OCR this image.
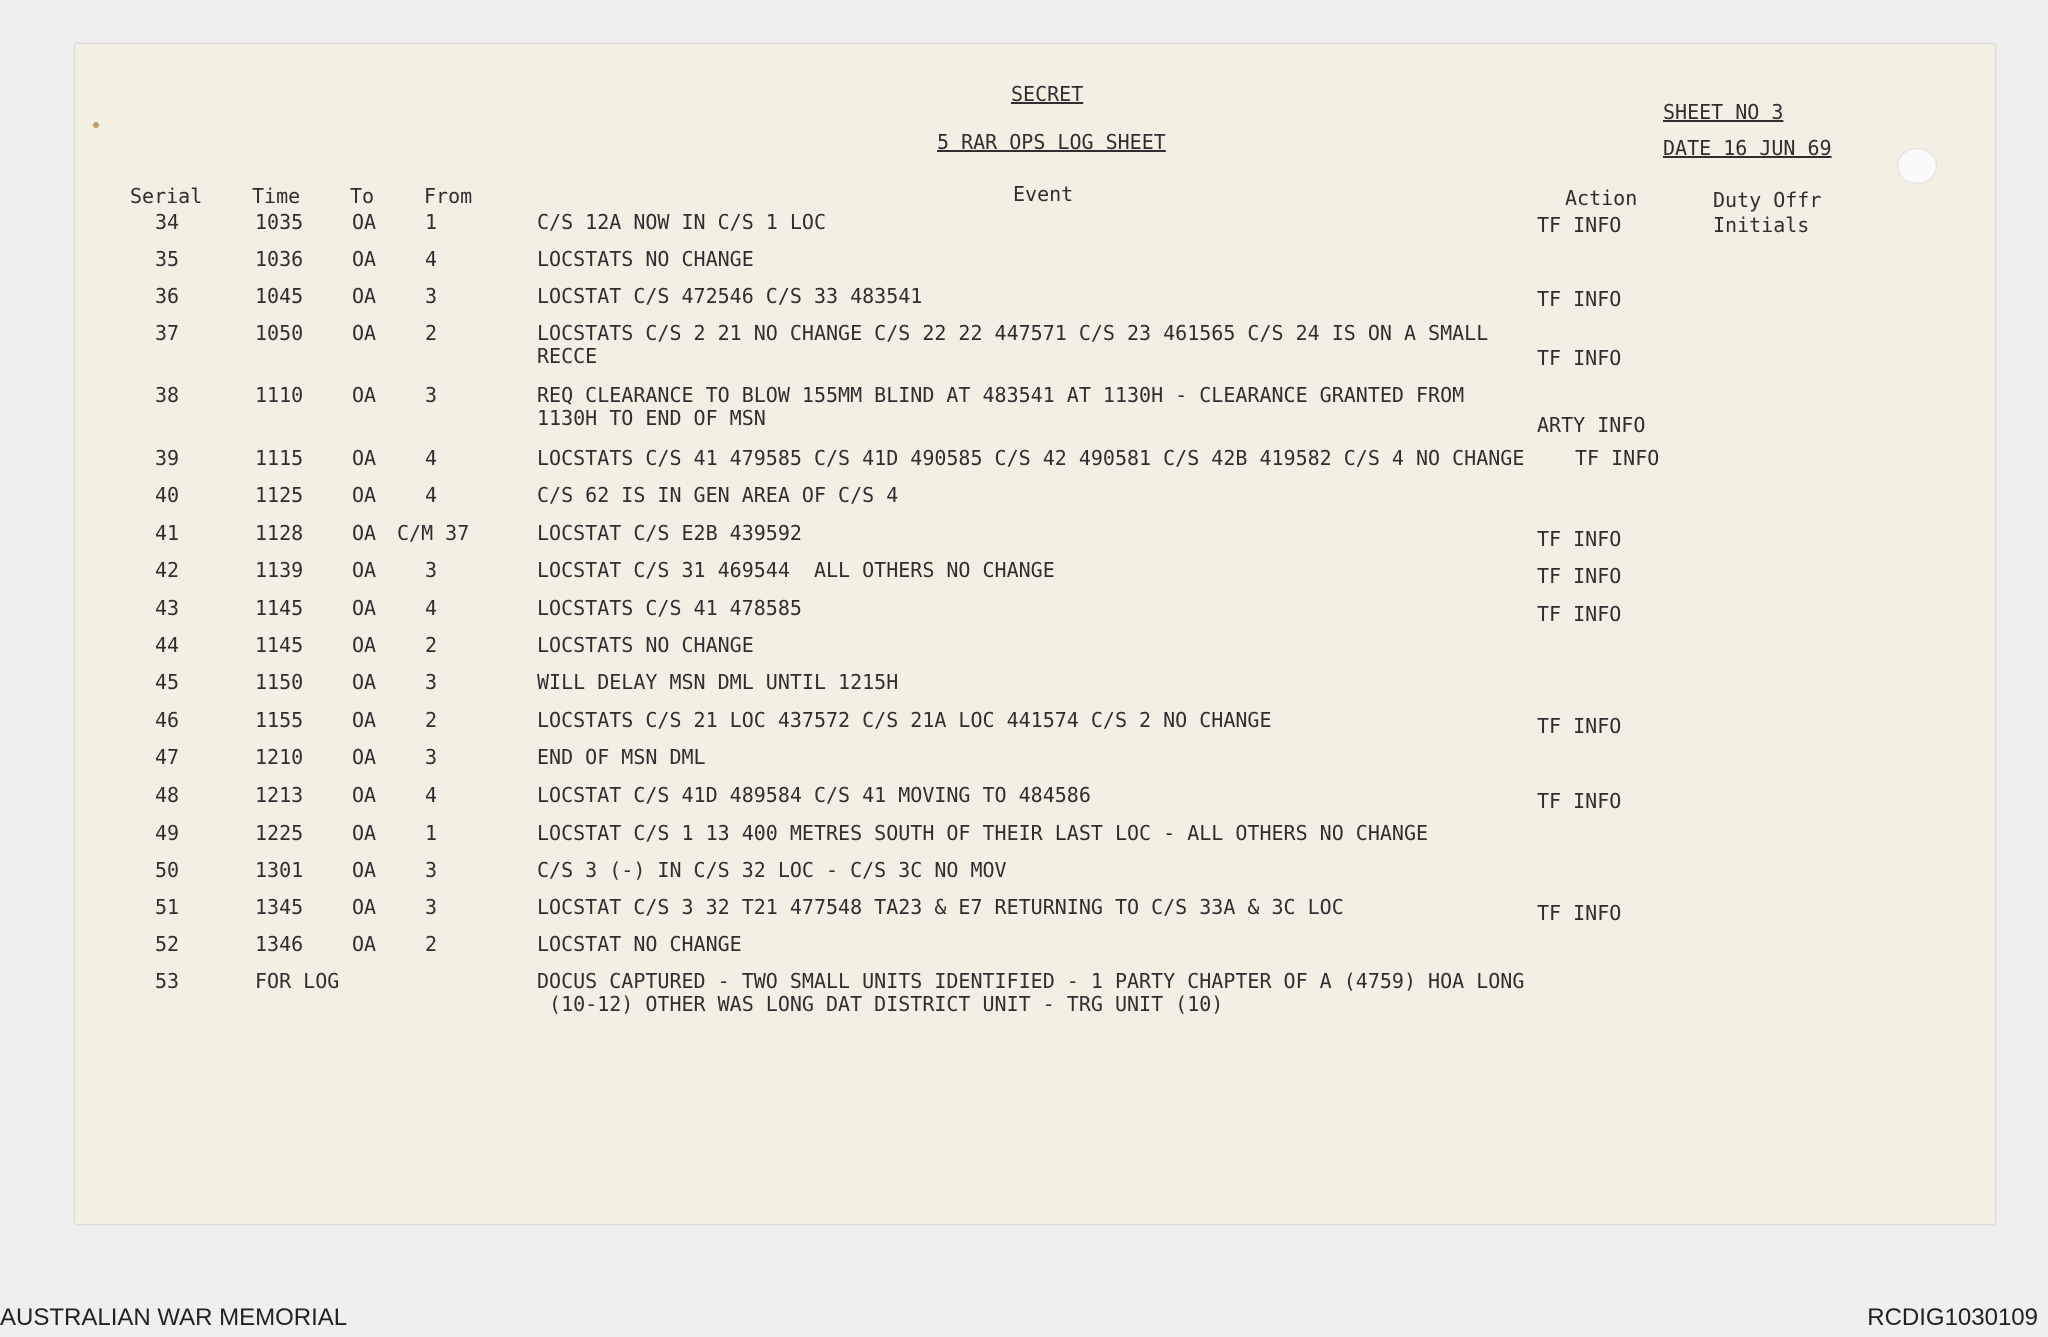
SECRET
5 RAR OPS LOG SHEET
SHEET NO 3
DATE 16 JUN 69
Serial Time To From	Event	Action	Duty Offr
Initials
34	1035 OA 1	C/S 12A NOW IN C/S 1 LOC	TF INFO
35	1036 OA 4	LOCSTATS NO CHANGE
36	1045 OA 3	LOCSTAT C/S 472546 C/S 33 483541	TF INFO
37	1050 OA 2	LOCSTATS C/S 2 21 NO CHANGE C/S 22 22 447571 C/S 23 461565 C/S 24 IS ON A SMALL
RECCE	TF INFO
38	1110 OA 3	REQ CLEARANCE TO BLOW 155MM BLIND AT 483541 AT 1130H - CLEARANCE GRANTED FROM
1130H TO END OF MSN	ARTY INFO
39	1115 OA 4	LOCSTATS C/S 41 479585 C/S 41D 490585 C/S 42 490581 C/S 42B 419582 C/S 4 NO CHANGE	TF INFO
40	1125 OA 4	C/S 62 IS IN GEN AREA OF C/S 4
41	1128 OA C/M 37	LOCSTAT C/S E2B 439592	TF INFO
42	1139 OA 3	LOCSTAT C/S 31 469544  ALL OTHERS NO CHANGE	TF INFO
43	1145 OA 4	LOCSTATS C/S 41 478585	TF INFO
44	1145 OA 2	LOCSTATS NO CHANGE
45	1150 OA 3	WILL DELAY MSN DML UNTIL 1215H
46	1155 OA 2	LOCSTATS C/S 21 LOC 437572 C/S 21A LOC 441574 C/S 2 NO CHANGE	TF INFO
47	1210 OA 3	END OF MSN DML
48	1213 OA 4	LOCSTAT C/S 41D 489584 C/S 41 MOVING TO 484586	TF INFO
49	1225 OA 1	LOCSTAT C/S 1 13 400 METRES SOUTH OF THEIR LAST LOC - ALL OTHERS NO CHANGE
50	1301 OA 3	C/S 3 (-) IN C/S 32 LOC - C/S 3C NO MOV
51	1345 OA 3	LOCSTAT C/S 3 32 T21 477548 TA23 & E7 RETURNING TO C/S 33A & 3C LOC	TF INFO
52	1346 OA 2	LOCSTAT NO CHANGE
53	FOR LOG	DOCUS CAPTURED - TWO SMALL UNITS IDENTIFIED - 1 PARTY CHAPTER OF A (4759) HOA LONG
(10-12) OTHER WAS LONG DAT DISTRICT UNIT - TRG UNIT (10)
AUSTRALIAN WAR MEMORIAL	RCDIG1030109
